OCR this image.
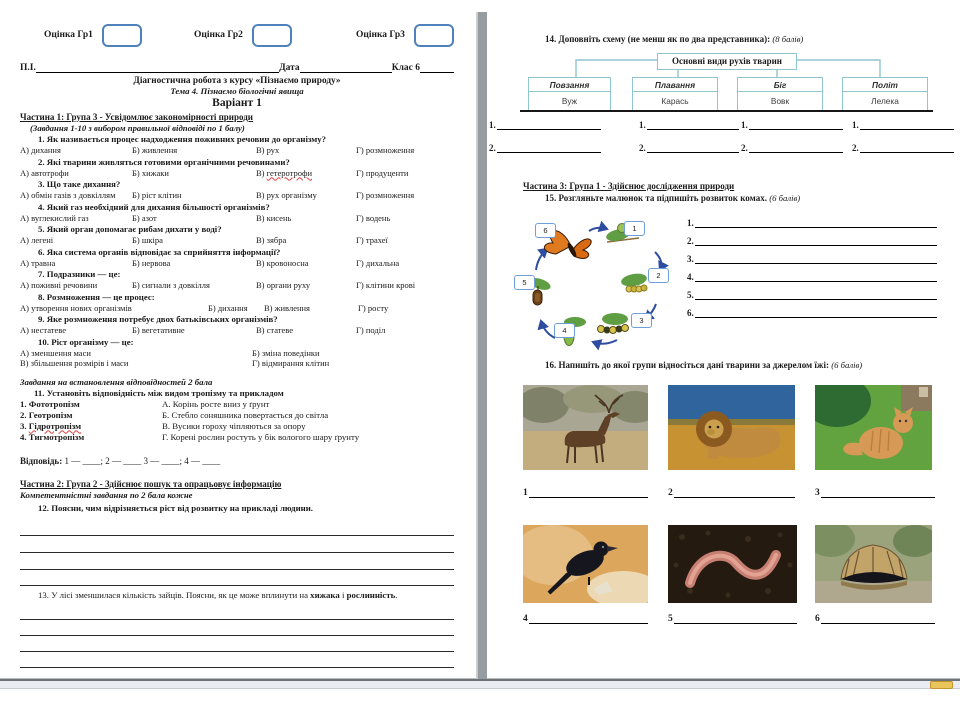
Оцінка Гр1	Оцінка Гр2	Оцінка Гр3
П.І.	Дата	Клас 6
Діагностична робота з курсу «Пізнаємо природу»
Тема 4. Пізнаємо біологічні явища
Варіант 1
Частина 1: Група 3 - Усвідомлює закономірності природи
(Завдання 1-10 з вибором правильної відповіді по 1 балу)
1. Як називається процес надходження поживних речовин до організму?
А) дихання	Б) живлення	В) рух	Г) розмноження
2. Які тварини живляться готовими органічними речовинами?
А) автотрофи	Б) хижаки	В) гетеротрофи	Г) продуценти
3. Що таке дихання?
А) обмін газів з довкіллям	Б) ріст клітин	В) рух організму	Г) розмноження
4. Який газ необхідний для дихання більшості організмів?
А) вуглекислий газ	Б) азот	В) кисень	Г) водень
5. Який орган допомагає рибам дихати у воді?
А) легені	Б) шкіра	В) зябра	Г) трахеї
6. Яка система органів відповідає за сприйняття інформації?
А) травна	Б) нервова	В) кровоносна	Г) дихальна
7. Подразники — це:
А) поживні речовини	Б) сигнали з довкілля	В) органи руху	Г) клітини крові
8. Розмноження — це процес:
А) утворення нових організмів	Б) дихання	В) живлення	Г) росту
9. Яке розмноження потребує двох батьківських організмів?
А) нестатеве	Б) вегетативне	В) статеве	Г) поділ
10. Ріст організму — це:
А) зменшення маси	Б) зміна поведінки
В) збільшення розмірів і маси	Г) відмирання клітин
Завдання на встановлення відповідностей 2 бала
11. Установіть відповідність між видом тропізму та прикладом
1. Фототропізм	А. Корінь росте вниз у ґрунт
2. Геотропізм	Б. Стебло соняшника повертається до світла
3. Гідротропізм	В. Вусики гороху чіпляються за опору
4. Тигмотропізм	Г. Корені рослин ростуть у бік вологого шару ґрунту
Відповідь: 1 — ____; 2 — ____ 3 — ____; 4 — ____
Частина 2: Група 2 - Здійснює пошук та опрацьовує інформацію
Компетентністні завдання по 2 бала кожне
12. Поясни, чим відрізняється ріст від розвитку на прикладі людини.
13. У лісі зменшилася кількість зайців. Поясни, як це може вплинути на хижака і рослинність.
14. Доповніть схему (не менш як по два представника): (8 балів)
Основні види рухів тварин
Повзання
Вуж
Плавання
Карась
Біг
Вовк
Політ
Лелека
1.	1.	1.	1.
2.	2.	2.	2.
Частина 3: Група 1 - Здійснює дослідження природи
15. Розгляньте малюнок та підпишіть розвиток комах. (6 балів)
1
2
3
4
5
6
1.
2.
3.
4.
5.
6.
16. Напишіть до якої групи відносіться дані тварини за джерелом їжі: (6 балів)
1	2	3
4	5	6
